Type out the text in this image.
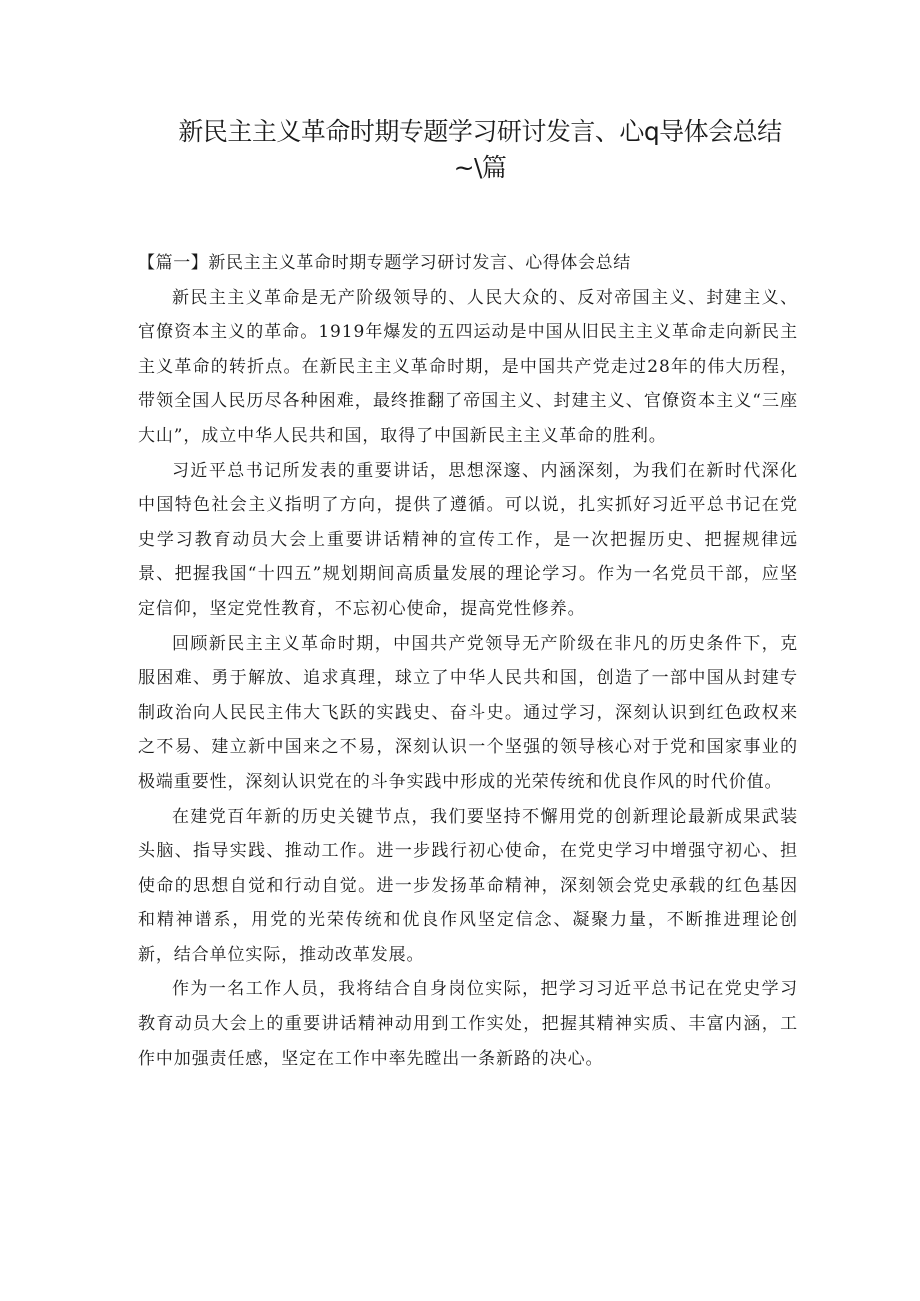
新民主主义革命时期专题学习研讨发言、心q导体会总结
~\篇

【篇一】新民主主义革命时期专题学习研讨发言、心得体会总结

新民主主义革命是无产阶级领导的、人民大众的、反对帝国主义、封建主义、官僚资本主义的革命。1919年爆发的五四运动是中国从旧民主主义革命走向新民主主义革命的转折点。在新民主主义革命时期，是中国共产党走过28年的伟大历程，带领全国人民历尽各种困难，最终推翻了帝国主义、封建主义、官僚资本主义“三座大山”，成立中华人民共和国，取得了中国新民主主义革命的胜利。

习近平总书记所发表的重要讲话，思想深邃、内涵深刻，为我们在新时代深化中国特色社会主义指明了方向，提供了遵循。可以说，扎实抓好习近平总书记在党史学习教育动员大会上重要讲话精神的宣传工作，是一次把握历史、把握规律远景、把握我国“十四五”规划期间高质量发展的理论学习。作为一名党员干部，应坚定信仰，坚定党性教育，不忘初心使命，提高党性修养。

回顾新民主主义革命时期，中国共产党领导无产阶级在非凡的历史条件下，克服困难、勇于解放、追求真理，球立了中华人民共和国，创造了一部中国从封建专制政治向人民民主伟大飞跃的实践史、奋斗史。通过学习，深刻认识到红色政权来之不易、建立新中国来之不易，深刻认识一个坚强的领导核心对于党和国家事业的极端重要性，深刻认识党在的斗争实践中形成的光荣传统和优良作风的时代价值。

在建党百年新的历史关键节点，我们要坚持不懈用党的创新理论最新成果武装头脑、指导实践、推动工作。进一步践行初心使命，在党史学习中增强守初心、担使命的思想自觉和行动自觉。进一步发扬革命精神，深刻领会党史承载的红色基因和精神谱系，用党的光荣传统和优良作风坚定信念、凝聚力量，不断推进理论创新，结合单位实际，推动改革发展。

作为一名工作人员，我将结合自身岗位实际，把学习习近平总书记在党史学习教育动员大会上的重要讲话精神动用到工作实处，把握其精神实质、丰富内涵，工作中加强责任感，坚定在工作中率先瞠出一条新路的决心。
